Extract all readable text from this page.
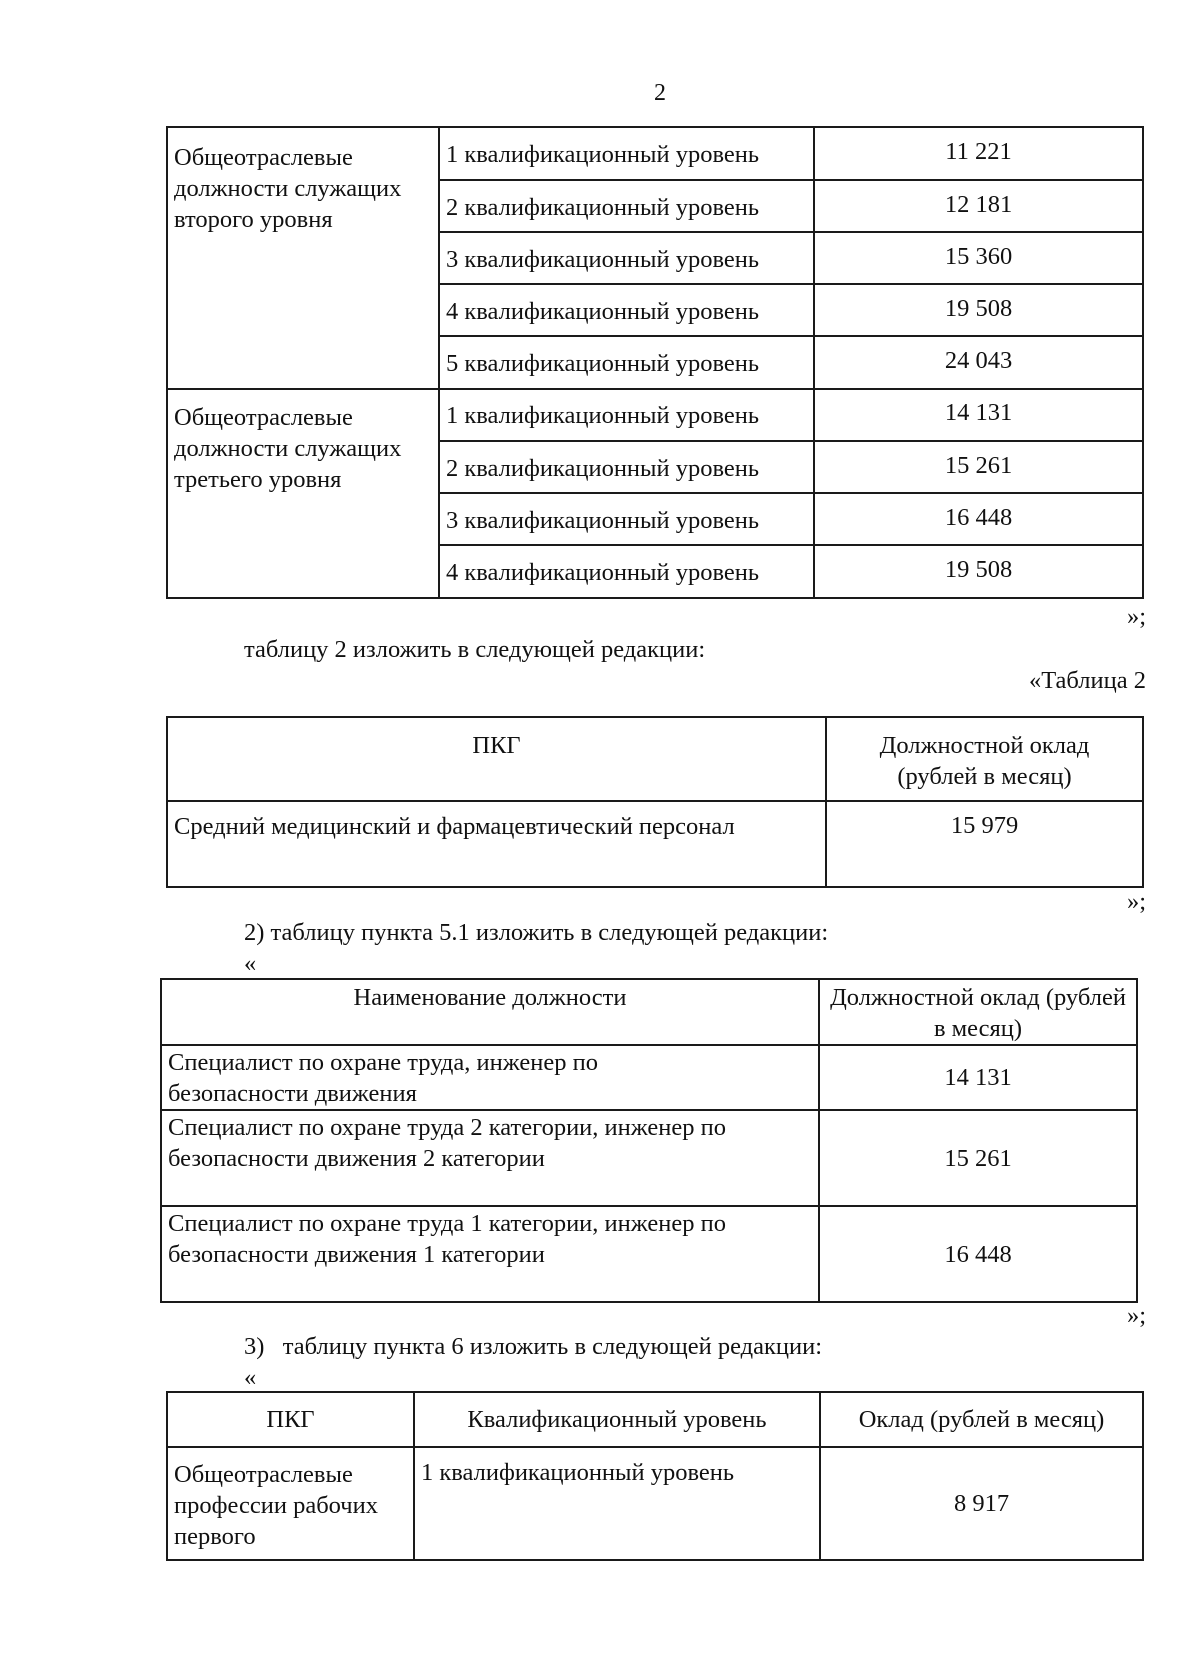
2
Общеотраслевые должности служащих второго уровня	1 квалификационный уровень	11 221
	2 квалификационный уровень	12 181
	3 квалификационный уровень	15 360
	4 квалификационный уровень	19 508
	5 квалификационный уровень	24 043
Общеотраслевые должности служащих третьего уровня	1 квалификационный уровень	14 131
	2 квалификационный уровень	15 261
	3 квалификационный уровень	16 448
	4 квалификационный уровень	19 508
»;
таблицу 2 изложить в следующей редакции:
«Таблица 2
ПКГ	Должностной оклад (рублей в месяц)
Средний медицинский и фармацевтический персонал	15 979
»;
2) таблицу пункта 5.1 изложить в следующей редакции:
«
Наименование должности	Должностной оклад (рублей в месяц)
Специалист по охране труда, инженер по безопасности движения	14 131
Специалист по охране труда 2 категории, инженер по безопасности движения 2 категории	15 261
Специалист по охране труда 1 категории, инженер по безопасности движения 1 категории	16 448
»;
3)   таблицу пункта 6 изложить в следующей редакции:
«
ПКГ	Квалификационный уровень	Оклад (рублей в месяц)
Общеотраслевые профессии рабочих первого	1 квалификационный уровень	8 917
